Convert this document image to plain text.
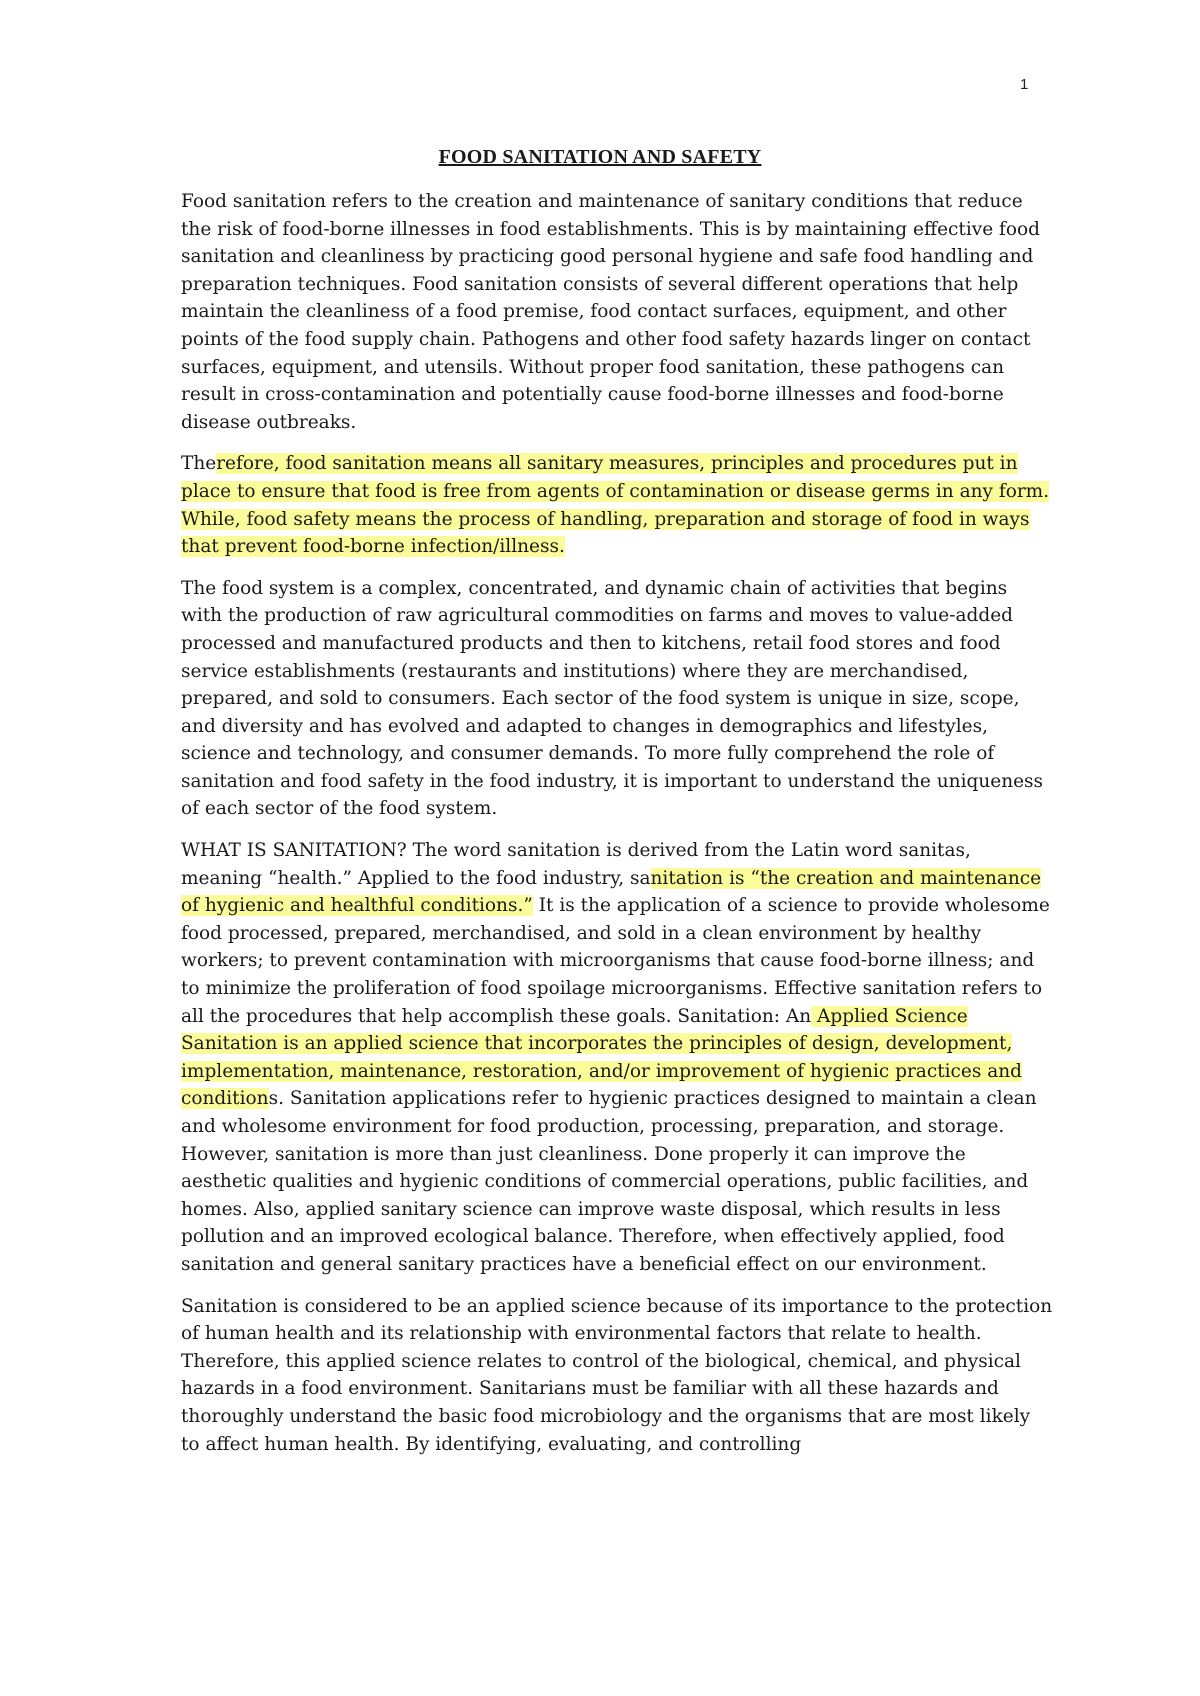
1
FOOD SANITATION AND SAFETY

Food sanitation refers to the creation and maintenance of sanitary conditions that reduce the risk of food-borne illnesses in food establishments. This is by maintaining effective food sanitation and cleanliness by practicing good personal hygiene and safe food handling and preparation techniques. Food sanitation consists of several different operations that help maintain the cleanliness of a food premise, food contact surfaces, equipment, and other points of the food supply chain. Pathogens and other food safety hazards linger on contact surfaces, equipment, and utensils. Without proper food sanitation, these pathogens can result in cross-contamination and potentially cause food-borne illnesses and food-borne disease outbreaks.

Therefore, food sanitation means all sanitary measures, principles and procedures put in place to ensure that food is free from agents of contamination or disease germs in any form. While, food safety means the process of handling, preparation and storage of food in ways that prevent food-borne infection/illness.

The food system is a complex, concentrated, and dynamic chain of activities that begins with the production of raw agricultural commodities on farms and moves to value-added processed and manufactured products and then to kitchens, retail food stores and food service establishments (restaurants and institutions) where they are merchandised, prepared, and sold to consumers. Each sector of the food system is unique in size, scope, and diversity and has evolved and adapted to changes in demographics and lifestyles, science and technology, and consumer demands. To more fully comprehend the role of sanitation and food safety in the food industry, it is important to understand the uniqueness of each sector of the food system.

WHAT IS SANITATION? The word sanitation is derived from the Latin word sanitas, meaning “health.” Applied to the food industry, sanitation is “the creation and maintenance of hygienic and healthful conditions.” It is the application of a science to provide wholesome food processed, prepared, merchandised, and sold in a clean environment by healthy workers; to prevent contamination with microorganisms that cause food-borne illness; and to minimize the proliferation of food spoilage microorganisms. Effective sanitation refers to all the procedures that help accomplish these goals. Sanitation: An Applied Science Sanitation is an applied science that incorporates the principles of design, development, implementation, maintenance, restoration, and/or improvement of hygienic practices and conditions. Sanitation applications refer to hygienic practices designed to maintain a clean and wholesome environment for food production, processing, preparation, and storage. However, sanitation is more than just cleanliness. Done properly it can improve the aesthetic qualities and hygienic conditions of commercial operations, public facilities, and homes. Also, applied sanitary science can improve waste disposal, which results in less pollution and an improved ecological balance. Therefore, when effectively applied, food sanitation and general sanitary practices have a beneficial effect on our environment.

Sanitation is considered to be an applied science because of its importance to the protection of human health and its relationship with environmental factors that relate to health. Therefore, this applied science relates to control of the biological, chemical, and physical hazards in a food environment. Sanitarians must be familiar with all these hazards and thoroughly understand the basic food microbiology and the organisms that are most likely to affect human health. By identifying, evaluating, and controlling
